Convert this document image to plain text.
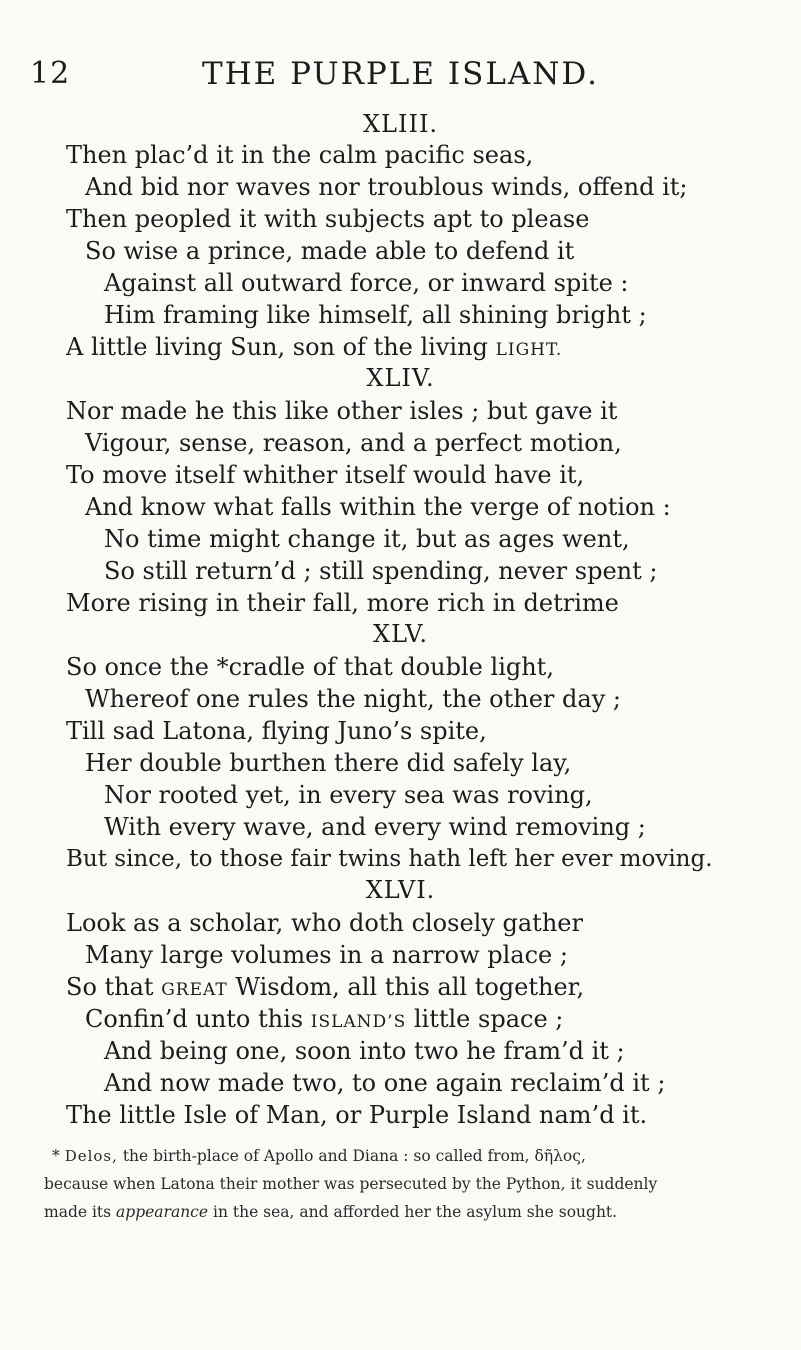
12	THE PURPLE ISLAND.
XLIII.
Then plac’d it in the calm pacific seas,
And bid nor waves nor troublous winds, offend it;
Then peopled it with subjects apt to please
So wise a prince, made able to defend it
Against all outward force, or inward spite :
Him framing like himself, all shining bright ;
A little living Sun, son of the living LIGHT.
XLIV.
Nor made he this like other isles ; but gave it
Vigour, sense, reason, and a perfect motion,
To move itself whither itself would have it,
And know what falls within the verge of notion :
No time might change it, but as ages went,
So still return’d ; still spending, never spent ;
More rising in their fall, more rich in detrime
XLV.
So once the *cradle of that double light,
Whereof one rules the night, the other day ;
Till sad Latona, flying Juno’s spite,
Her double burthen there did safely lay,
Nor rooted yet, in every sea was roving,
With every wave, and every wind removing ;
But since, to those fair twins hath left her ever moving.
XLVI.
Look as a scholar, who doth closely gather
Many large volumes in a narrow place ;
So that GREAT Wisdom, all this all together,
Confin’d unto this ISLAND’S little space ;
And being one, soon into two he fram’d it ;
And now made two, to one again reclaim’d it ;
The little Isle of Man, or Purple Island nam’d it.

* Delos, the birth-place of Apollo and Diana : so called from, δῆλος,

because when Latona their mother was persecuted by the Python, it suddenly

made its appearance in the sea, and afforded her the asylum she sought.
